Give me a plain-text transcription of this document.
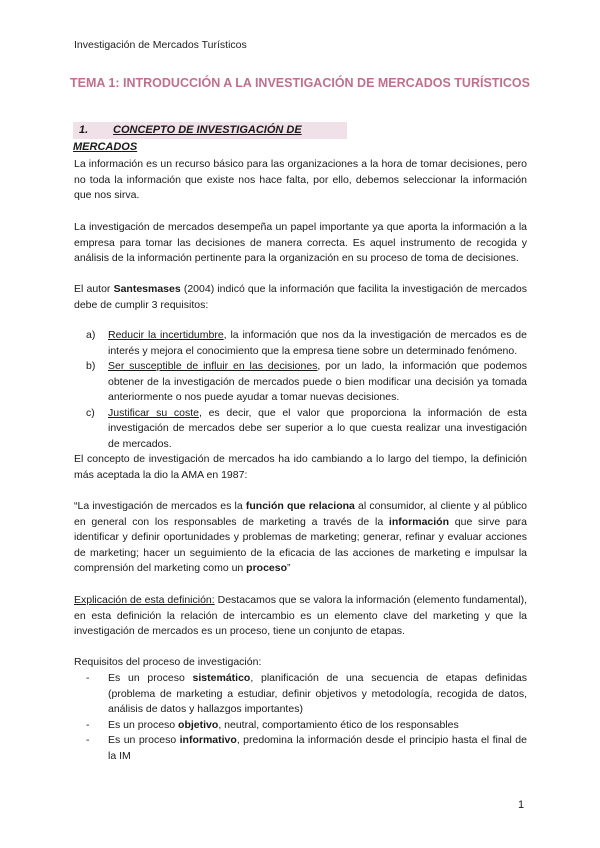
Investigación de Mercados Turísticos
TEMA 1: INTRODUCCIÓN A LA INVESTIGACIÓN DE MERCADOS TURÍSTICOS
1. CONCEPTO DE INVESTIGACIÓN DE MERCADOS

La información es un recurso básico para las organizaciones a la hora de tomar decisiones, pero no toda la información que existe nos hace falta, por ello, debemos seleccionar la información que nos sirva.

La investigación de mercados desempeña un papel importante ya que aporta la información a la empresa para tomar las decisiones de manera correcta. Es aquel instrumento de recogida y análisis de la información pertinente para la organización en su proceso de toma de decisiones.

El autor Santesmases (2004) indicó que la información que facilita la investigación de mercados debe de cumplir 3 requisitos:

a)	Reducir la incertidumbre, la información que nos da la investigación de mercados es de interés y mejora el conocimiento que la empresa tiene sobre un determinado fenómeno.
b)	Ser susceptible de influir en las decisiones, por un lado, la información que podemos obtener de la investigación de mercados puede o bien modificar una decisión ya tomada anteriormente o nos puede ayudar a tomar nuevas decisiones.
c)	Justificar su coste, es decir, que el valor que proporciona la información de esta investigación de mercados debe ser superior a lo que cuesta realizar una investigación de mercados.

El concepto de investigación de mercados ha ido cambiando a lo largo del tiempo, la definición más aceptada la dio la AMA en 1987:

“La investigación de mercados es la función que relaciona al consumidor, al cliente y al público en general con los responsables de marketing a través de la información que sirve para identificar y definir oportunidades y problemas de marketing; generar, refinar y evaluar acciones de marketing; hacer un seguimiento de la eficacia de las acciones de marketing e impulsar la comprensión del marketing como un proceso”

Explicación de esta definición: Destacamos que se valora la información (elemento fundamental), en esta definición la relación de intercambio es un elemento clave del marketing y que la investigación de mercados es un proceso, tiene un conjunto de etapas.

Requisitos del proceso de investigación:

-	Es un proceso sistemático, planificación de una secuencia de etapas definidas (problema de marketing a estudiar, definir objetivos y metodología, recogida de datos, análisis de datos y hallazgos importantes)
-	Es un proceso objetivo, neutral, comportamiento ético de los responsables
-	Es un proceso informativo, predomina la información desde el principio hasta el final de la IM
1
